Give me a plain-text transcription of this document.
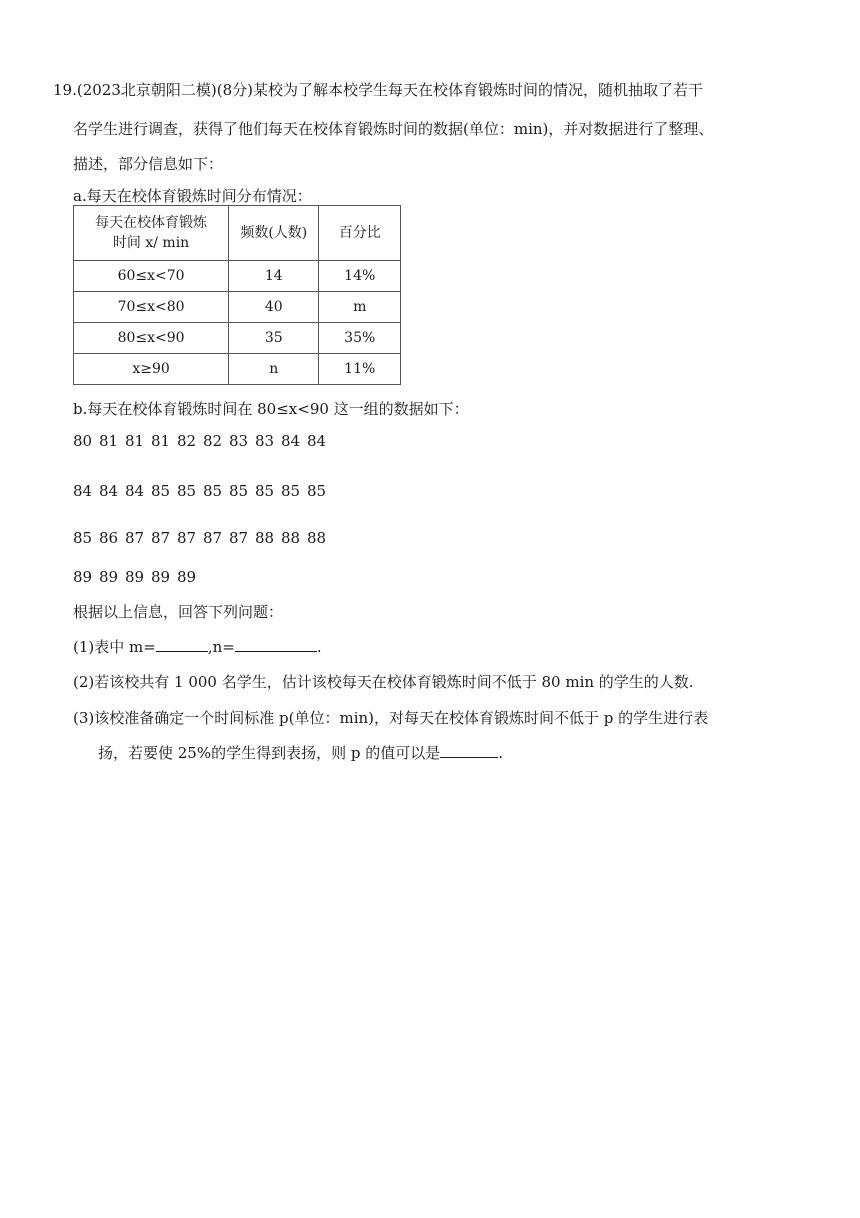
19.(2023北京朝阳二模)(8分)某校为了解本校学生每天在校体育锻炼时间的情况，随机抽取了若干
名学生进行调查，获得了他们每天在校体育锻炼时间的数据(单位：min)，并对数据进行了整理、
描述，部分信息如下：
a.每天在校体育锻炼时间分布情况：
每天在校体育锻炼
时间 x/ min	频数(人数)	百分比
60≤x<70	14	14%
70≤x<80	40	m
80≤x<90	35	35%
x≥90	n	11%
b.每天在校体育锻炼时间在 80≤x<90 这一组的数据如下：
80 81 81 81 82 82 83 83 84 84
84 84 84 85 85 85 85 85 85 85
85 86 87 87 87 87 87 88 88 88
89 89 89 89 89
根据以上信息，回答下列问题：
(1)表中 m=	,n=	.
(2)若该校共有 1 000 名学生，估计该校每天在校体育锻炼时间不低于 80 min 的学生的人数.
(3)该校准备确定一个时间标准 p(单位：min)，对每天在校体育锻炼时间不低于 p 的学生进行表
扬，若要使 25%的学生得到表扬，则 p 的值可以是	.
